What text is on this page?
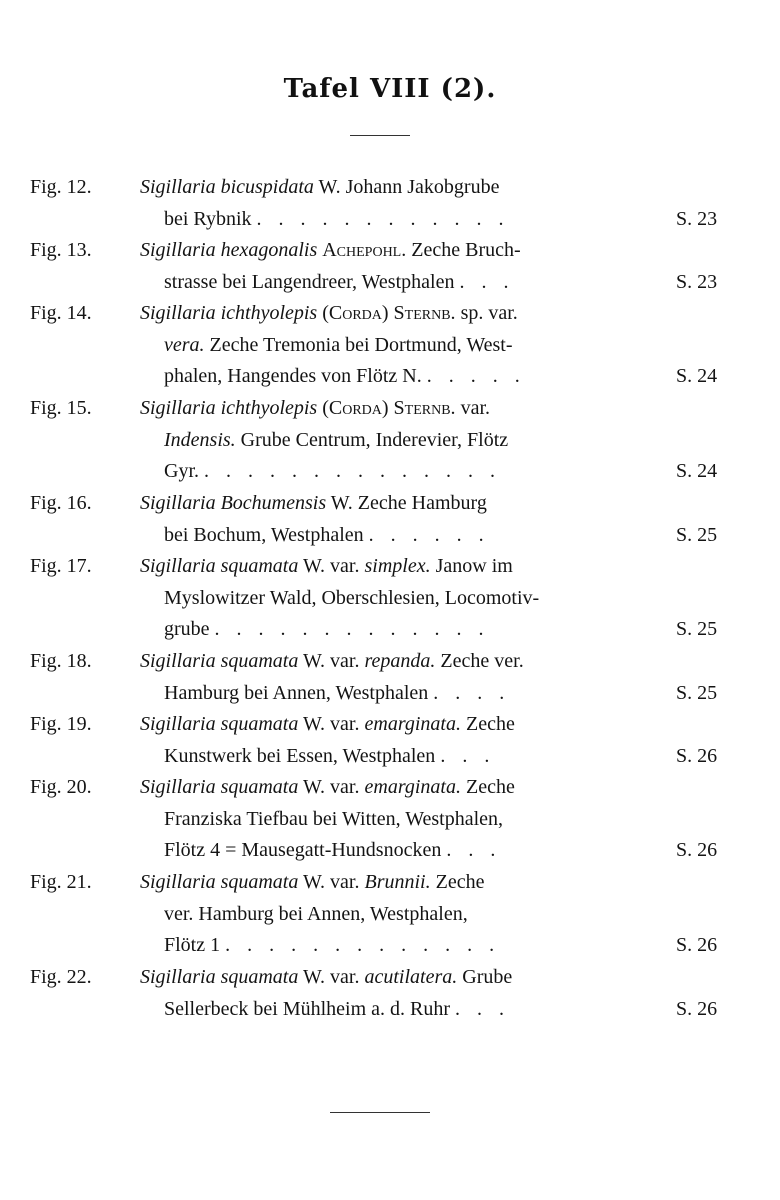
Tafel VIII (2).
Fig. 12. Sigillaria bicuspidata W. Johann Jakobgrube
bei Rybnik . . . . . . . . . . . .	S. 23
Fig. 13. Sigillaria hexagonalis Achepohl. Zeche Bruch-
strasse bei Langendreer, Westphalen . . .	S. 23
Fig. 14. Sigillaria ichthyolepis (Corda) Sternb. sp. var.
vera. Zeche Tremonia bei Dortmund, West-
phalen, Hangendes von Flötz N. . . . . .	S. 24
Fig. 15. Sigillaria ichthyolepis (Corda) Sternb. var.
Indensis. Grube Centrum, Inderevier, Flötz
Gyr. . . . . . . . . . . . . . .	S. 24
Fig. 16. Sigillaria Bochumensis W. Zeche Hamburg
bei Bochum, Westphalen . . . . . .	S. 25
Fig. 17. Sigillaria squamata W. var. simplex. Janow im
Myslowitzer Wald, Oberschlesien, Locomotiv-
grube . . . . . . . . . . . . .	S. 25
Fig. 18. Sigillaria squamata W. var. repanda. Zeche ver.
Hamburg bei Annen, Westphalen . . . .	S. 25
Fig. 19. Sigillaria squamata W. var. emarginata. Zeche
Kunstwerk bei Essen, Westphalen . . .	S. 26
Fig. 20. Sigillaria squamata W. var. emarginata. Zeche
Franziska Tiefbau bei Witten, Westphalen,
Flötz 4 = Mausegatt-Hundsnocken . . .	S. 26
Fig. 21. Sigillaria squamata W. var. Brunnii. Zeche
ver. Hamburg bei Annen, Westphalen,
Flötz 1 . . . . . . . . . . . . .	S. 26
Fig. 22. Sigillaria squamata W. var. acutilatera. Grube
Sellerbeck bei Mühlheim a. d. Ruhr . . .	S. 26
